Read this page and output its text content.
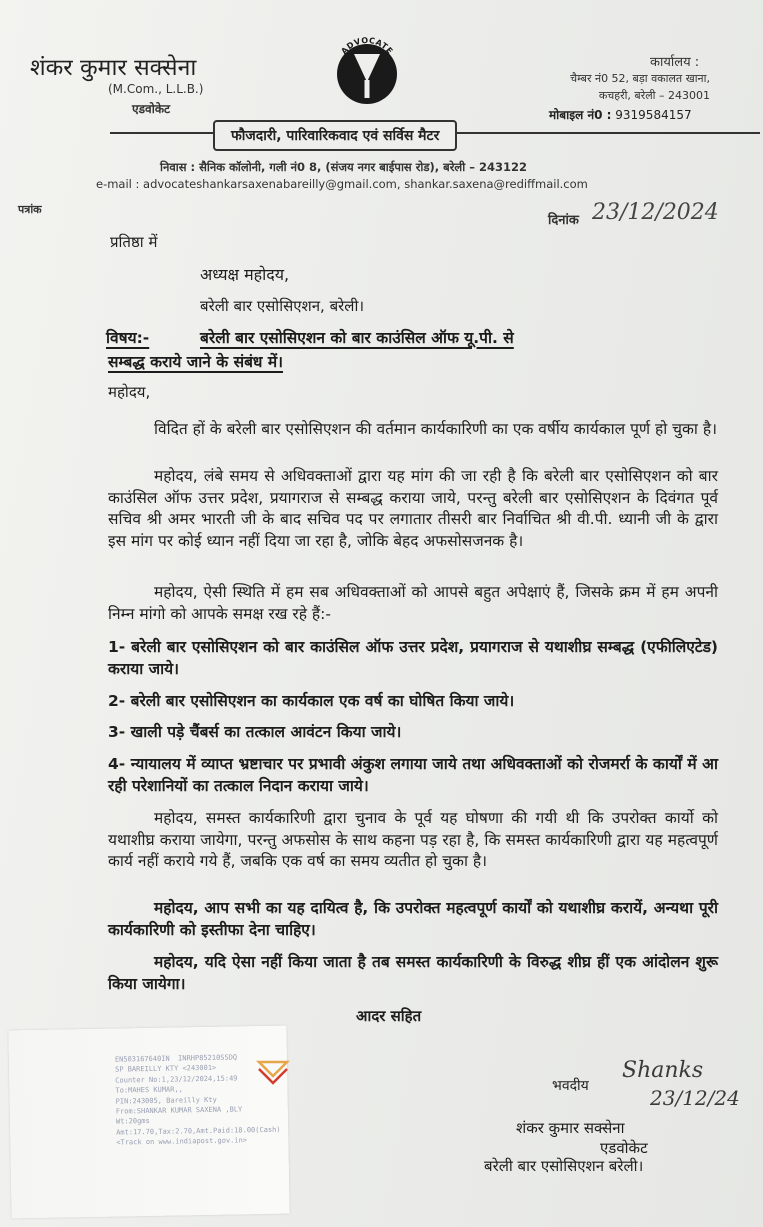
शंकर कुमार सक्सेना
(M.Com., L.L.B.)
एडवोकेट
ADVOCATE
कार्यालय :
चैम्बर नं0 52, बड़ा वकालत खाना,
कचहरी, बरेली – 243001
मोबाइल नं0 : 9319584157
फौजदारी, पारिवारिकवाद एवं सर्विस मैटर
निवास : सैनिक कॉलोनी, गली नं0 8, (संजय नगर बाईपास रोड), बरेली – 243122
e-mail : advocateshankarsaxenabareilly@gmail.com, shankar.saxena@rediffmail.com
पत्रांक
दिनांक 23/12/2024
प्रतिष्ठा में
अध्यक्ष महोदय,
बरेली बार एसोसिएशन, बरेली।
विषय:-	बरेली बार एसोसिएशन को बार काउंसिल ऑफ यू.पी. से
सम्बद्ध कराये जाने के संबंध में।
महोदय,
विदित हों के बरेली बार एसोसिएशन की वर्तमान कार्यकारिणी का एक वर्षीय कार्यकाल पूर्ण हो चुका है।
महोदय, लंबे समय से अधिवक्ताओं द्वारा यह मांग की जा रही है कि बरेली बार एसोसिएशन को बार काउंसिल ऑफ उत्तर प्रदेश, प्रयागराज से सम्बद्ध कराया जाये, परन्तु बरेली बार एसोसिएशन के दिवंगत पूर्व सचिव श्री अमर भारती जी के बाद सचिव पद पर लगातार तीसरी बार निर्वाचित श्री वी.पी. ध्यानी जी के द्वारा इस मांग पर कोई ध्यान नहीं दिया जा रहा है, जोकि बेहद अफसोसजनक है।
महोदय, ऐसी स्थिति में हम सब अधिवक्ताओं को आपसे बहुत अपेक्षाएं हैं, जिसके क्रम में हम अपनी निम्न मांगो को आपके समक्ष रख रहे हैं:-
1- बरेली बार एसोसिएशन को बार काउंसिल ऑफ उत्तर प्रदेश, प्रयागराज से यथाशीघ्र सम्बद्ध (एफीलिएटेड) कराया जाये।
2- बरेली बार एसोसिएशन का कार्यकाल एक वर्ष का घोषित किया जाये।
3- खाली पड़े चैंबर्स का तत्काल आवंटन किया जाये।
4- न्यायालय में व्याप्त भ्रष्टाचार पर प्रभावी अंकुश लगाया जाये तथा अधिवक्ताओं को रोजमर्रा के कार्यों में आ रही परेशानियों का तत्काल निदान कराया जाये।
महोदय, समस्त कार्यकारिणी द्वारा चुनाव के पूर्व यह घोषणा की गयी थी कि उपरोक्त कार्यो को यथाशीघ्र कराया जायेगा, परन्तु अफसोस के साथ कहना पड़ रहा है, कि समस्त कार्यकारिणी द्वारा यह महत्वपूर्ण कार्य नहीं कराये गये हैं, जबकि एक वर्ष का समय व्यतीत हो चुका है।
महोदय, आप सभी का यह दायित्व है, कि उपरोक्त महत्वपूर्ण कार्यों को यथाशीघ्र करायें, अन्यथा पूरी कार्यकारिणी को इस्तीफा देना चाहिए।
महोदय, यदि ऐसा नहीं किया जाता है तब समस्त कार्यकारिणी के विरुद्ध शीघ्र हीं एक आंदोलन शुरू किया जायेगा।
आदर सहित
EN503167640IN  INRHP85210SSDQ
SP BAREILLY KTY <243001>
Counter No:1,23/12/2024,15:49
To:MAHES KUMAR,,
PIN:243005, Bareilly Kty
From:SHANKAR KUMAR SAXENA ,BLY
Wt:20gms
Amt:17.70,Tax:2.70,Amt.Paid:18.00(Cash)
<Track on www.indiapost.gov.in>
भवदीय
Shanks
23/12/24
शंकर कुमार सक्सेना
एडवोकेट
बरेली बार एसोसिएशन बरेली।
